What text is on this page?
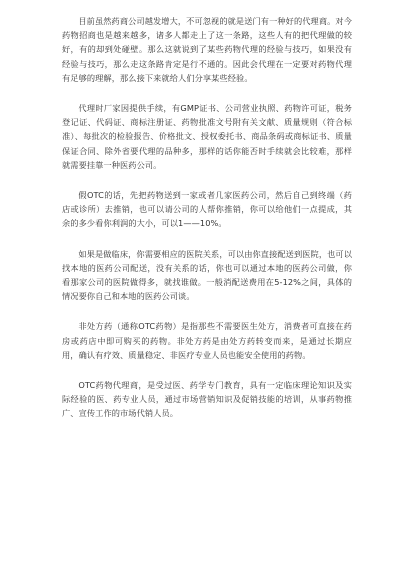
目前虽然药商公司越发增大，不可忽视的就是送门有一种好的代理商。对今药物招商也是越来越多，诸多人都走上了这一条路，这些人有的把代理做的较好，有的却到处碰壁。那么这就说到了某些药物代理的经验与技巧，如果没有经验与技巧，那么走这条路肯定是行不通的。因此会代理在一定要对药物代理有足够的理解，那么接下来就给人们分享某些经验。

代理时厂家因提供手续，有GMP证书、公司营业执照、药物许可证，税务登记证、代码证、商标注册证、药物批准文号附有关文献、质量规则（符合标准）、每批次的检验报告、价格批文、授权委托书、商品条码或商标证书、质量保证合同、除外省要代理的品种多，那样的话你能否时手续就会比较难，那样就需要挂靠一种医药公司。

假OTC的话，先把药物送到一家或者几家医药公司，然后自己到终端（药店或诊所）去推销，也可以请公司的人帮你推销，你可以给他们一点提成，其余的多少看你利润的大小，可以1——10%。

如果是做临床，你需要相应的医院关系，可以由你直接配送到医院，也可以找本地的医药公司配送，没有关系的话，你也可以通过本地的医药公司做，你看那家公司的医院做得多，就找谁做。一般消配送费用在5-12%之间，具体的情况要你自己和本地的医药公司谈。

非处方药（通称OTC药物）是指那些不需要医生处方，消费者可直接在药房或药店中即可购买的药物。非处方药是由处方药转变而来，是通过长期应用，确认有疗效、质量稳定、非医疗专业人员也能安全使用的药物。

OTC药物代理商，是受过医、药学专门教育，具有一定临床理论知识及实际经验的医、药专业人员，通过市场营销知识及促销技能的培训，从事药物推广、宣传工作的市场代销人员。
